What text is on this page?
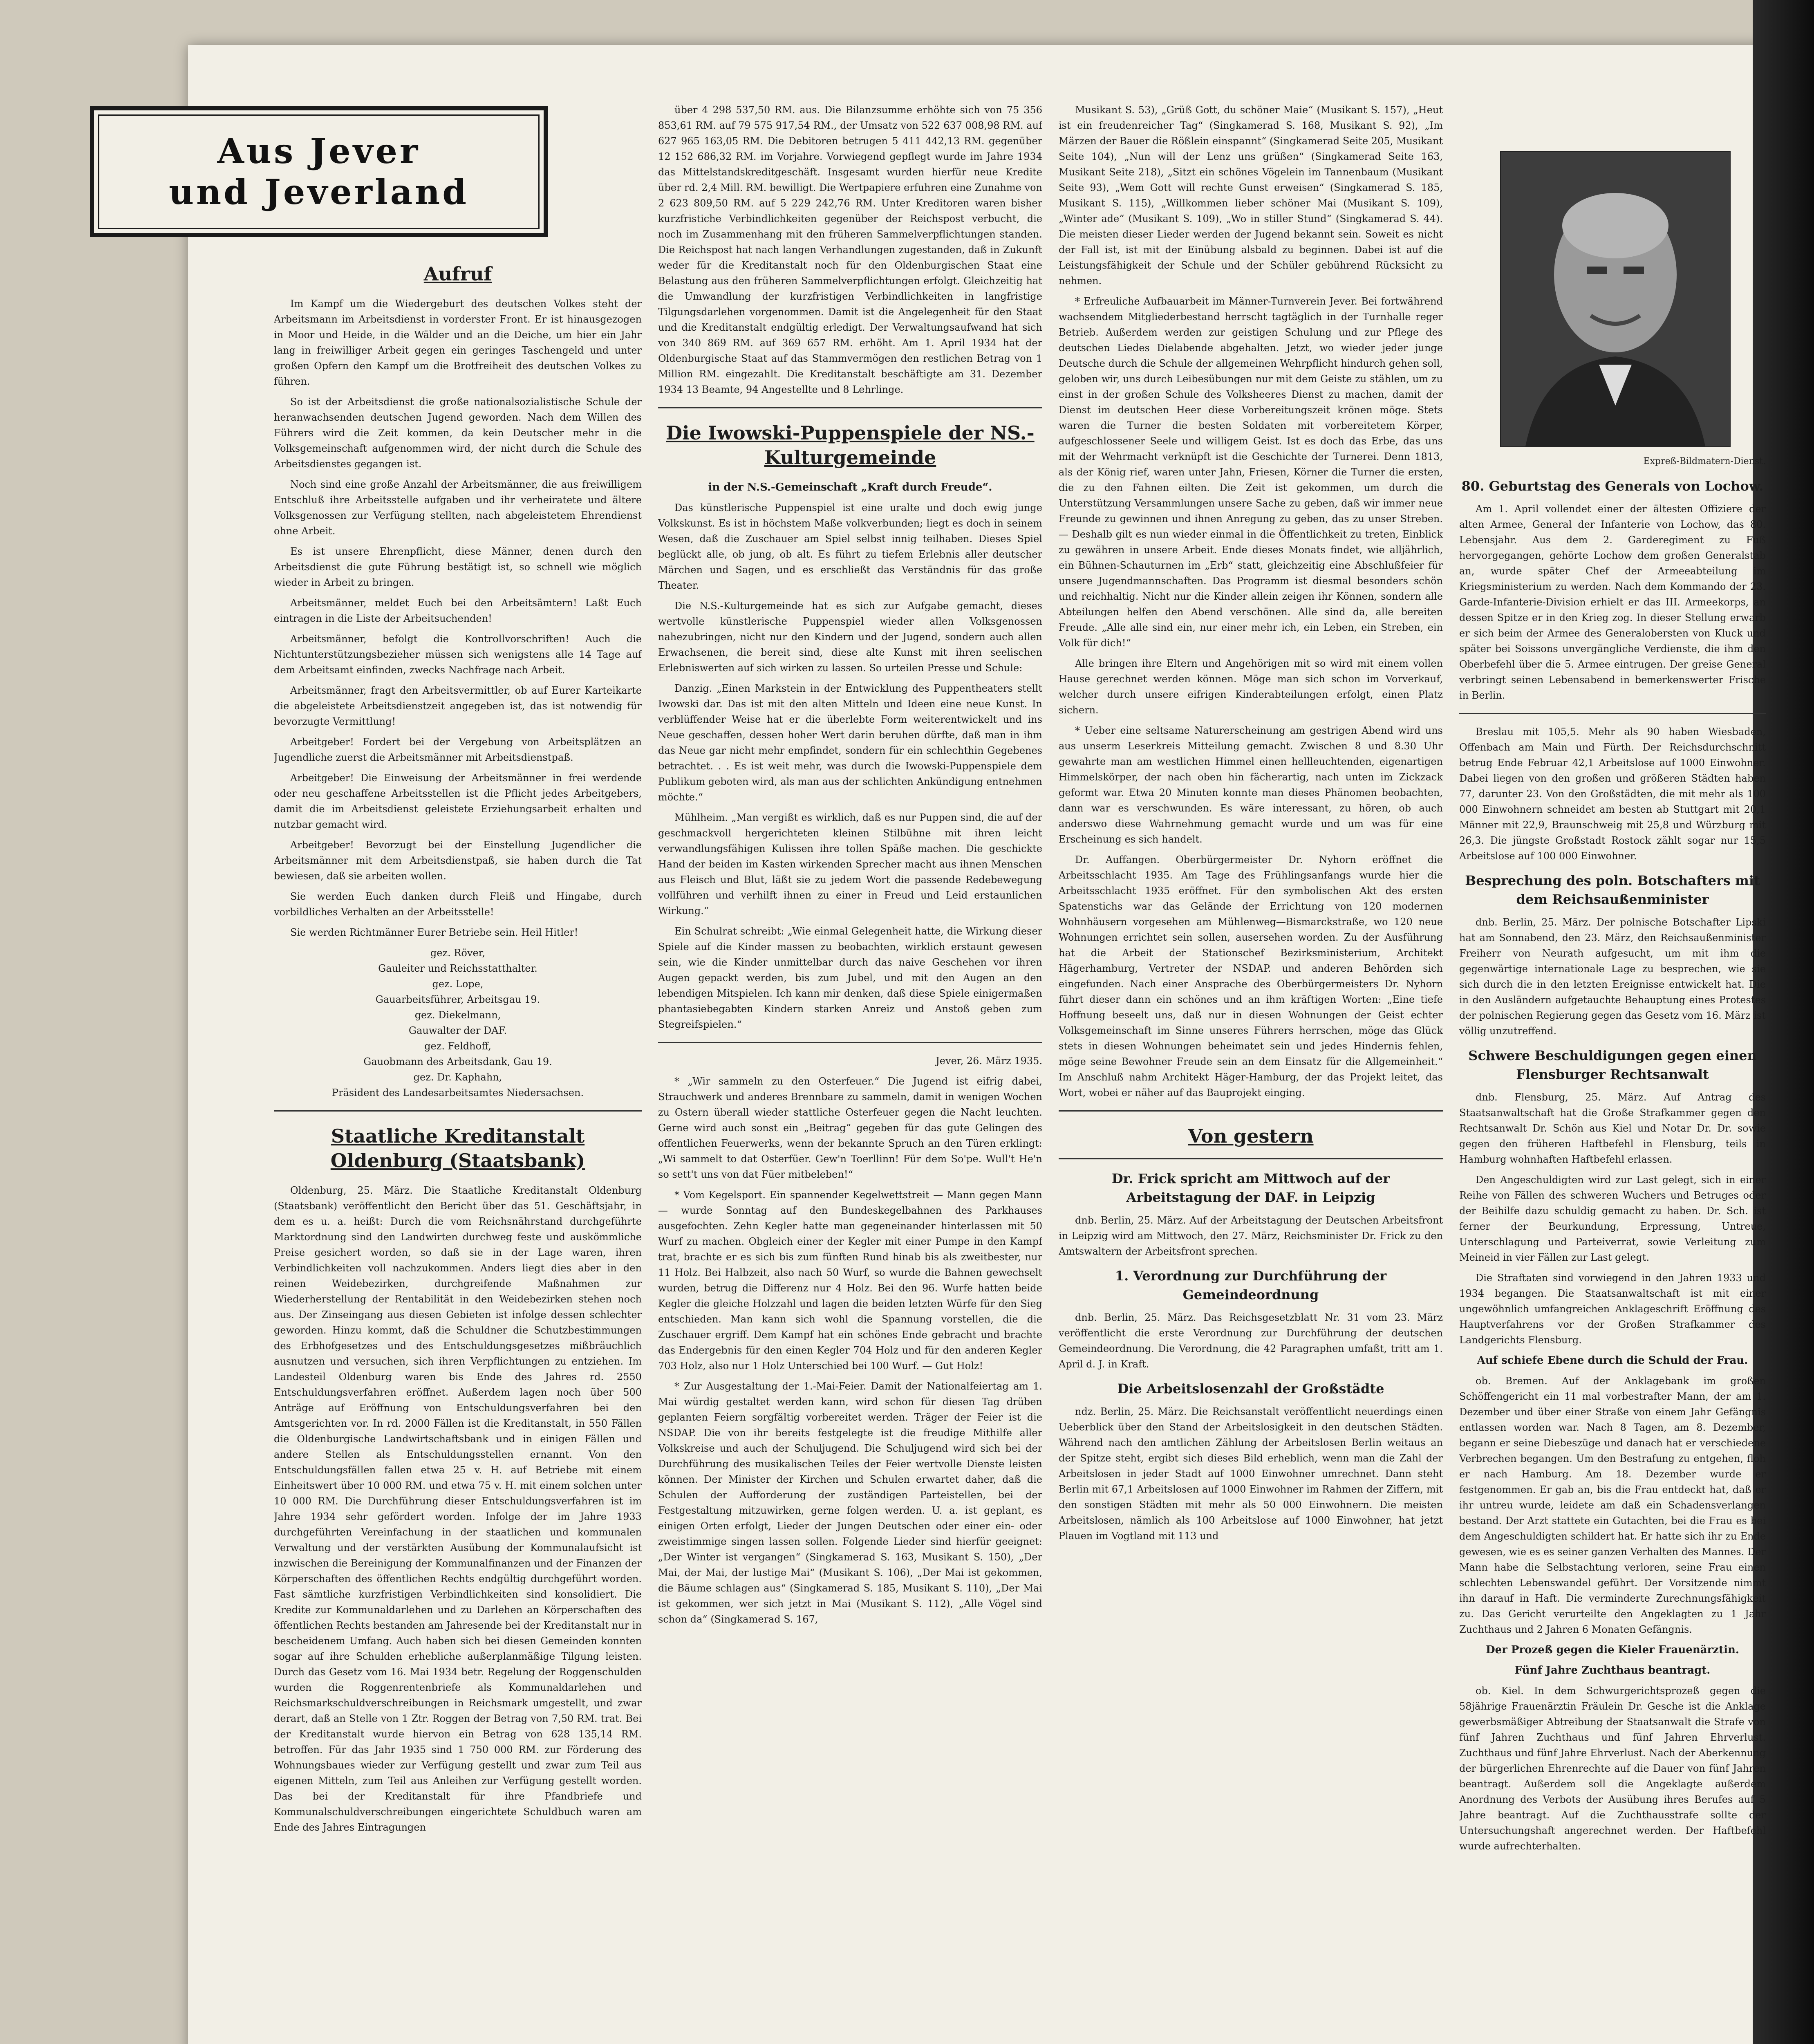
Aus Jever
und Jeverland
Aufruf

Im Kampf um die Wiedergeburt des deutschen Volkes steht der Arbeitsmann im Arbeitsdienst in vorderster Front. Er ist hinausgezogen in Moor und Heide, in die Wälder und an die Deiche, um hier ein Jahr lang in freiwilliger Arbeit gegen ein geringes Taschengeld und unter großen Opfern den Kampf um die Brotfreiheit des deutschen Volkes zu führen.

So ist der Arbeitsdienst die große nationalsozialistische Schule der heranwachsenden deutschen Jugend geworden. Nach dem Willen des Führers wird die Zeit kommen, da kein Deutscher mehr in die Volksgemeinschaft aufgenommen wird, der nicht durch die Schule des Arbeitsdienstes gegangen ist.

Noch sind eine große Anzahl der Arbeitsmänner, die aus freiwilligem Entschluß ihre Arbeitsstelle aufgaben und ihr verheiratete und ältere Volksgenossen zur Verfügung stellten, nach abgeleistetem Ehrendienst ohne Arbeit.

Es ist unsere Ehrenpflicht, diese Männer, denen durch den Arbeitsdienst die gute Führung bestätigt ist, so schnell wie möglich wieder in Arbeit zu bringen.

Arbeitsmänner, meldet Euch bei den Arbeitsämtern! Laßt Euch eintragen in die Liste der Arbeitsuchenden!

Arbeitsmänner, befolgt die Kontrollvorschriften! Auch die Nichtunterstützungsbezieher müssen sich wenigstens alle 14 Tage auf dem Arbeitsamt einfinden, zwecks Nachfrage nach Arbeit.

Arbeitsmänner, fragt den Arbeitsvermittler, ob auf Eurer Karteikarte die abgeleistete Arbeitsdienstzeit angegeben ist, das ist notwendig für bevorzugte Vermittlung!

Arbeitgeber! Fordert bei der Vergebung von Arbeitsplätzen an Jugendliche zuerst die Arbeitsmänner mit Arbeitsdienstpaß.

Arbeitgeber! Die Einweisung der Arbeitsmänner in frei werdende oder neu geschaffene Arbeitsstellen ist die Pflicht jedes Arbeitgebers, damit die im Arbeitsdienst geleistete Erziehungsarbeit erhalten und nutzbar gemacht wird.

Arbeitgeber! Bevorzugt bei der Einstellung Jugendlicher die Arbeitsmänner mit dem Arbeitsdienstpaß, sie haben durch die Tat bewiesen, daß sie arbeiten wollen.

Sie werden Euch danken durch Fleiß und Hingabe, durch vorbildliches Verhalten an der Arbeitsstelle!

Sie werden Richtmänner Eurer Betriebe sein. Heil Hitler!

gez. Röver,

Gauleiter und Reichsstatthalter.

gez. Lope,

Gauarbeitsführer, Arbeitsgau 19.

gez. Diekelmann,

Gauwalter der DAF.

gez. Feldhoff,

Gauobmann des Arbeitsdank, Gau 19.

gez. Dr. Kaphahn,

Präsident des Landesarbeitsamtes Niedersachsen.

Staatliche Kreditanstalt Oldenburg (Staatsbank)

Oldenburg, 25. März. Die Staatliche Kreditanstalt Oldenburg (Staatsbank) veröffentlicht den Bericht über das 51. Geschäftsjahr, in dem es u. a. heißt: Durch die vom Reichsnährstand durchgeführte Marktordnung sind den Landwirten durchweg feste und auskömmliche Preise gesichert worden, so daß sie in der Lage waren, ihren Verbindlichkeiten voll nachzukommen. Anders liegt dies aber in den reinen Weidebezirken, durchgreifende Maßnahmen zur Wiederherstellung der Rentabilität in den Weidebezirken stehen noch aus. Der Zinseingang aus diesen Gebieten ist infolge dessen schlechter geworden. Hinzu kommt, daß die Schuldner die Schutzbestimmungen des Erbhofgesetzes und des Entschuldungsgesetzes mißbräuchlich ausnutzen und versuchen, sich ihren Verpflichtungen zu entziehen. Im Landesteil Oldenburg waren bis Ende des Jahres rd. 2550 Entschuldungsverfahren eröffnet. Außerdem lagen noch über 500 Anträge auf Eröffnung von Entschuldungsverfahren bei den Amtsgerichten vor. In rd. 2000 Fällen ist die Kreditanstalt, in 550 Fällen die Oldenburgische Landwirtschaftsbank und in einigen Fällen und andere Stellen als Entschuldungsstellen ernannt. Von den Entschuldungsfällen fallen etwa 25 v. H. auf Betriebe mit einem Einheitswert über 10 000 RM. und etwa 75 v. H. mit einem solchen unter 10 000 RM. Die Durchführung dieser Entschuldungsverfahren ist im Jahre 1934 sehr gefördert worden. Infolge der im Jahre 1933 durchgeführten Vereinfachung in der staatlichen und kommunalen Verwaltung und der verstärkten Ausübung der Kommunalaufsicht ist inzwischen die Bereinigung der Kommunalfinanzen und der Finanzen der Körperschaften des öffentlichen Rechts endgültig durchgeführt worden. Fast sämtliche kurzfristigen Verbindlichkeiten sind konsolidiert. Die Kredite zur Kommunaldarlehen und zu Darlehen an Körperschaften des öffentlichen Rechts bestanden am Jahresende bei der Kreditanstalt nur in bescheidenem Umfang. Auch haben sich bei diesen Gemeinden konnten sogar auf ihre Schulden erhebliche außerplanmäßige Tilgung leisten. Durch das Gesetz vom 16. Mai 1934 betr. Regelung der Roggenschulden wurden die Roggenrentenbriefe als Kommunaldarlehen und Reichsmarkschuldverschreibungen in Reichsmark umgestellt, und zwar derart, daß an Stelle von 1 Ztr. Roggen der Betrag von 7,50 RM. trat. Bei der Kreditanstalt wurde hiervon ein Betrag von 628 135,14 RM. betroffen. Für das Jahr 1935 sind 1 750 000 RM. zur Förderung des Wohnungsbaues wieder zur Verfügung gestellt und zwar zum Teil aus eigenen Mitteln, zum Teil aus Anleihen zur Verfügung gestellt worden. Das bei der Kreditanstalt für ihre Pfandbriefe und Kommunalschuldverschreibungen eingerichtete Schuldbuch waren am Ende des Jahres Eintragungen

über 4 298 537,50 RM. aus. Die Bilanzsumme erhöhte sich von 75 356 853,61 RM. auf 79 575 917,54 RM., der Umsatz von 522 637 008,98 RM. auf 627 965 163,05 RM. Die Debitoren betrugen 5 411 442,13 RM. gegenüber 12 152 686,32 RM. im Vorjahre. Vorwiegend gepflegt wurde im Jahre 1934 das Mittelstandskreditgeschäft. Insgesamt wurden hierfür neue Kredite über rd. 2,4 Mill. RM. bewilligt. Die Wertpapiere erfuhren eine Zunahme von 2 623 809,50 RM. auf 5 229 242,76 RM. Unter Kreditoren waren bisher kurzfristiche Verbindlichkeiten gegenüber der Reichspost verbucht, die noch im Zusammenhang mit den früheren Sammelverpflichtungen standen. Die Reichspost hat nach langen Verhandlungen zugestanden, daß in Zukunft weder für die Kreditanstalt noch für den Oldenburgischen Staat eine Belastung aus den früheren Sammelverpflichtungen erfolgt. Gleichzeitig hat die Umwandlung der kurzfristigen Verbindlichkeiten in langfristige Tilgungsdarlehen vorgenommen. Damit ist die Angelegenheit für den Staat und die Kreditanstalt endgültig erledigt. Der Verwaltungsaufwand hat sich von 340 869 RM. auf 369 657 RM. erhöht. Am 1. April 1934 hat der Oldenburgische Staat auf das Stammvermögen den restlichen Betrag von 1 Million RM. eingezahlt. Die Kreditanstalt beschäftigte am 31. Dezember 1934 13 Beamte, 94 Angestellte und 8 Lehrlinge.

Die Iwowski-Puppenspiele der NS.-Kulturgemeinde

in der N.S.-Gemeinschaft „Kraft durch Freude“.

Das künstlerische Puppenspiel ist eine uralte und doch ewig junge Volkskunst. Es ist in höchstem Maße volkverbunden; liegt es doch in seinem Wesen, daß die Zuschauer am Spiel selbst innig teilhaben. Dieses Spiel beglückt alle, ob jung, ob alt. Es führt zu tiefem Erlebnis aller deutscher Märchen und Sagen, und es erschließt das Verständnis für das große Theater.

Die N.S.-Kulturgemeinde hat es sich zur Aufgabe gemacht, dieses wertvolle künstlerische Puppenspiel wieder allen Volksgenossen nahezubringen, nicht nur den Kindern und der Jugend, sondern auch allen Erwachsenen, die bereit sind, diese alte Kunst mit ihren seelischen Erlebniswerten auf sich wirken zu lassen. So urteilen Presse und Schule:

Danzig. „Einen Markstein in der Entwicklung des Puppentheaters stellt Iwowski dar. Das ist mit den alten Mitteln und Ideen eine neue Kunst. In verblüffender Weise hat er die überlebte Form weiterentwickelt und ins Neue geschaffen, dessen hoher Wert darin beruhen dürfte, daß man in ihm das Neue gar nicht mehr empfindet, sondern für ein schlechthin Gegebenes betrachtet. . . Es ist weit mehr, was durch die Iwowski-Puppenspiele dem Publikum geboten wird, als man aus der schlichten Ankündigung entnehmen möchte.“

Mühlheim. „Man vergißt es wirklich, daß es nur Puppen sind, die auf der geschmackvoll hergerichteten kleinen Stilbühne mit ihren leicht verwandlungsfähigen Kulissen ihre tollen Späße machen. Die geschickte Hand der beiden im Kasten wirkenden Sprecher macht aus ihnen Menschen aus Fleisch und Blut, läßt sie zu jedem Wort die passende Redebewegung vollführen und verhilft ihnen zu einer in Freud und Leid erstaunlichen Wirkung.“

Ein Schulrat schreibt: „Wie einmal Gelegenheit hatte, die Wirkung dieser Spiele auf die Kinder massen zu beobachten, wirklich erstaunt gewesen sein, wie die Kinder unmittelbar durch das naive Geschehen vor ihren Augen gepackt werden, bis zum Jubel, und mit den Augen an den lebendigen Mitspielen. Ich kann mir denken, daß diese Spiele einigermaßen phantasiebegabten Kindern starken Anreiz und Anstoß geben zum Stegreifspielen.“

Jever, 26. März 1935.

* „Wir sammeln zu den Osterfeuer.“ Die Jugend ist eifrig dabei, Strauchwerk und anderes Brennbare zu sammeln, damit in wenigen Wochen zu Ostern überall wieder stattliche Osterfeuer gegen die Nacht leuchten. Gerne wird auch sonst ein „Beitrag“ gegeben für das gute Gelingen des offentlichen Feuerwerks, wenn der bekannte Spruch an den Türen erklingt: „Wi sammelt to dat Osterfüer. Gew'n Toerllinn! Für dem So'pe. Wull't He'n so sett't uns von dat Füer mitbeleben!“

* Vom Kegelsport. Ein spannender Kegelwettstreit — Mann gegen Mann — wurde Sonntag auf den Bundeskegelbahnen des Parkhauses ausgefochten. Zehn Kegler hatte man gegeneinander hinterlassen mit 50 Wurf zu machen. Obgleich einer der Kegler mit einer Pumpe in den Kampf trat, brachte er es sich bis zum fünften Rund hinab bis als zweitbester, nur 11 Holz. Bei Halbzeit, also nach 50 Wurf, so wurde die Bahnen gewechselt wurden, betrug die Differenz nur 4 Holz. Bei den 96. Wurfe hatten beide Kegler die gleiche Holzzahl und lagen die beiden letzten Würfe für den Sieg entschieden. Man kann sich wohl die Spannung vorstellen, die die Zuschauer ergriff. Dem Kampf hat ein schönes Ende gebracht und brachte das Endergebnis für den einen Kegler 704 Holz und für den anderen Kegler 703 Holz, also nur 1 Holz Unterschied bei 100 Wurf. — Gut Holz!

* Zur Ausgestaltung der 1.-Mai-Feier. Damit der Nationalfeiertag am 1. Mai würdig gestaltet werden kann, wird schon für diesen Tag drüben geplanten Feiern sorgfältig vorbereitet werden. Träger der Feier ist die NSDAP. Die von ihr bereits festgelegte ist die freudige Mithilfe aller Volkskreise und auch der Schuljugend. Die Schuljugend wird sich bei der Durchführung des musikalischen Teiles der Feier wertvolle Dienste leisten können. Der Minister der Kirchen und Schulen erwartet daher, daß die Schulen der Aufforderung der zuständigen Parteistellen, bei der Festgestaltung mitzuwirken, gerne folgen werden. U. a. ist geplant, es einigen Orten erfolgt, Lieder der Jungen Deutschen oder einer ein- oder zweistimmige singen lassen sollen. Folgende Lieder sind hierfür geeignet: „Der Winter ist vergangen“ (Singkamerad S. 163, Musikant S. 150), „Der Mai, der Mai, der lustige Mai“ (Musikant S. 106), „Der Mai ist gekommen, die Bäume schlagen aus“ (Singkamerad S. 185, Musikant S. 110), „Der Mai ist gekommen, wer sich jetzt in Mai (Musikant S. 112), „Alle Vögel sind schon da“ (Singkamerad S. 167,

Musikant S. 53), „Grüß Gott, du schöner Maie“ (Musikant S. 157), „Heut ist ein freudenreicher Tag“ (Singkamerad S. 168, Musikant S. 92), „Im Märzen der Bauer die Rößlein einspannt“ (Singkamerad Seite 205, Musikant Seite 104), „Nun will der Lenz uns grüßen“ (Singkamerad Seite 163, Musikant Seite 218), „Sitzt ein schönes Vögelein im Tannenbaum (Musikant Seite 93), „Wem Gott will rechte Gunst erweisen“ (Singkamerad S. 185, Musikant S. 115), „Willkommen lieber schöner Mai (Musikant S. 109), „Winter ade“ (Musikant S. 109), „Wo in stiller Stund“ (Singkamerad S. 44). Die meisten dieser Lieder werden der Jugend bekannt sein. Soweit es nicht der Fall ist, ist mit der Einübung alsbald zu beginnen. Dabei ist auf die Leistungsfähigkeit der Schule und der Schüler gebührend Rücksicht zu nehmen.

* Erfreuliche Aufbauarbeit im Männer-Turnverein Jever. Bei fortwährend wachsendem Mitgliederbestand herrscht tagtäglich in der Turnhalle reger Betrieb. Außerdem werden zur geistigen Schulung und zur Pflege des deutschen Liedes Dielabende abgehalten. Jetzt, wo wieder jeder junge Deutsche durch die Schule der allgemeinen Wehrpflicht hindurch gehen soll, geloben wir, uns durch Leibesübungen nur mit dem Geiste zu stählen, um zu einst in der großen Schule des Volksheeres Dienst zu machen, damit der Dienst im deutschen Heer diese Vorbereitungszeit krönen möge. Stets waren die Turner die besten Soldaten mit vorbereitetem Körper, aufgeschlossener Seele und willigem Geist. Ist es doch das Erbe, das uns mit der Wehrmacht verknüpft ist die Geschichte der Turnerei. Denn 1813, als der König rief, waren unter Jahn, Friesen, Körner die Turner die ersten, die zu den Fahnen eilten. Die Zeit ist gekommen, um durch die Unterstützung Versammlungen unsere Sache zu geben, daß wir immer neue Freunde zu gewinnen und ihnen Anregung zu geben, das zu unser Streben. — Deshalb gilt es nun wieder einmal in die Öffentlichkeit zu treten, Einblick zu gewähren in unsere Arbeit. Ende dieses Monats findet, wie alljährlich, ein Bühnen-Schauturnen im „Erb“ statt, gleichzeitig eine Abschlußfeier für unsere Jugendmannschaften. Das Programm ist diesmal besonders schön und reichhaltig. Nicht nur die Kinder allein zeigen ihr Können, sondern alle Abteilungen helfen den Abend verschönen. Alle sind da, alle bereiten Freude. „Alle alle sind ein, nur einer mehr ich, ein Leben, ein Streben, ein Volk für dich!“

Alle bringen ihre Eltern und Angehörigen mit so wird mit einem vollen Hause gerechnet werden können. Möge man sich schon im Vorverkauf, welcher durch unsere eifrigen Kinderabteilungen erfolgt, einen Platz sichern.

* Ueber eine seltsame Naturerscheinung am gestrigen Abend wird uns aus unserm Leserkreis Mitteilung gemacht. Zwischen 8 und 8.30 Uhr gewahrte man am westlichen Himmel einen hellleuchtenden, eigenartigen Himmelskörper, der nach oben hin fächerartig, nach unten im Zickzack geformt war. Etwa 20 Minuten konnte man dieses Phänomen beobachten, dann war es verschwunden. Es wäre interessant, zu hören, ob auch anderswo diese Wahrnehmung gemacht wurde und um was für eine Erscheinung es sich handelt.

Dr. Auffangen. Oberbürgermeister Dr. Nyhorn eröffnet die Arbeitsschlacht 1935. Am Tage des Frühlingsanfangs wurde hier die Arbeitsschlacht 1935 eröffnet. Für den symbolischen Akt des ersten Spatenstichs war das Gelände der Errichtung von 120 modernen Wohnhäusern vorgesehen am Mühlenweg—Bismarckstraße, wo 120 neue Wohnungen errichtet sein sollen, ausersehen worden. Zu der Ausführung hat die Arbeit der Stationschef Bezirksministerium, Architekt Hägerhamburg, Vertreter der NSDAP. und anderen Behörden sich eingefunden. Nach einer Ansprache des Oberbürgermeisters Dr. Nyhorn führt dieser dann ein schönes und an ihm kräftigen Worten: „Eine tiefe Hoffnung beseelt uns, daß nur in diesen Wohnungen der Geist echter Volksgemeinschaft im Sinne unseres Führers herrschen, möge das Glück stets in diesen Wohnungen beheimatet sein und jedes Hindernis fehlen, möge seine Bewohner Freude sein an dem Einsatz für die Allgemeinheit.“ Im Anschluß nahm Architekt Häger-Hamburg, der das Projekt leitet, das Wort, wobei er näher auf das Bauprojekt einging.

Von gestern
Dr. Frick spricht am Mittwoch auf der Arbeitstagung der DAF. in Leipzig

dnb. Berlin, 25. März. Auf der Arbeitstagung der Deutschen Arbeitsfront in Leipzig wird am Mittwoch, den 27. März, Reichsminister Dr. Frick zu den Amtswaltern der Arbeitsfront sprechen.

1. Verordnung zur Durchführung der Gemeindeordnung

dnb. Berlin, 25. März. Das Reichsgesetzblatt Nr. 31 vom 23. März veröffentlicht die erste Verordnung zur Durchführung der deutschen Gemeindeordnung. Die Verordnung, die 42 Paragraphen umfaßt, tritt am 1. April d. J. in Kraft.

Die Arbeitslosenzahl der Großstädte

ndz. Berlin, 25. März. Die Reichsanstalt veröffentlicht neuerdings einen Ueberblick über den Stand der Arbeitslosigkeit in den deutschen Städten. Während nach den amtlichen Zählung der Arbeitslosen Berlin weitaus an der Spitze steht, ergibt sich dieses Bild erheblich, wenn man die Zahl der Arbeitslosen in jeder Stadt auf 1000 Einwohner umrechnet. Dann steht Berlin mit 67,1 Arbeitslosen auf 1000 Einwohner im Rahmen der Ziffern, mit den sonstigen Städten mit mehr als 50 000 Einwohnern. Die meisten Arbeitslosen, nämlich als 100 Arbeitslose auf 1000 Einwohner, hat jetzt Plauen im Vogtland mit 113 und

Expreß-Bildmatern-Dienst.

80. Geburtstag des Generals von Lochow.

Am 1. April vollendet einer der ältesten Offiziere der alten Armee, General der Infanterie von Lochow, das 80. Lebensjahr. Aus dem 2. Garderegiment zu Fuß hervorgegangen, gehörte Lochow dem großen Generalstab an, wurde später Chef der Armeeabteilung im Kriegsministerium zu werden. Nach dem Kommando der 23. Garde-Infanterie-Division erhielt er das III. Armeekorps, an dessen Spitze er in den Krieg zog. In dieser Stellung erwarb er sich beim der Armee des Generalobersten von Kluck und später bei Soissons unvergängliche Verdienste, die ihm den Oberbefehl über die 5. Armee eintrugen. Der greise General verbringt seinen Lebensabend in bemerkenswerter Frische in Berlin.

Breslau mit 105,5. Mehr als 90 haben Wiesbaden, Offenbach am Main und Fürth. Der Reichsdurchschnitt betrug Ende Februar 42,1 Arbeitslose auf 1000 Einwohner. Dabei liegen von den großen und größeren Städten haben 77, darunter 23. Von den Großstädten, die mit mehr als 100 000 Einwohnern schneidet am besten ab Stuttgart mit 20,1 Männer mit 22,9, Braunschweig mit 25,8 und Würzburg mit 26,3. Die jüngste Großstadt Rostock zählt sogar nur 15,5 Arbeitslose auf 100 000 Einwohner.

Besprechung des poln. Botschafters mit dem Reichsaußenminister

dnb. Berlin, 25. März. Der polnische Botschafter Lipski hat am Sonnabend, den 23. März, den Reichsaußenminister Freiherr von Neurath aufgesucht, um mit ihm die gegenwärtige internationale Lage zu besprechen, wie sie sich durch die in den letzten Ereignisse entwickelt hat. Die in den Ausländern aufgetauchte Behauptung eines Protestes der polnischen Regierung gegen das Gesetz vom 16. März ist völlig unzutreffend.

Schwere Beschuldigungen gegen einen Flensburger Rechtsanwalt

dnb. Flensburg, 25. März. Auf Antrag des Staatsanwaltschaft hat die Große Strafkammer gegen den Rechtsanwalt Dr. Schön aus Kiel und Notar Dr. Dr. sowie gegen den früheren Haftbefehl in Flensburg, teils in Hamburg wohnhaften Haftbefehl erlassen.

Den Angeschuldigten wird zur Last gelegt, sich in einer Reihe von Fällen des schweren Wuchers und Betruges oder der Beihilfe dazu schuldig gemacht zu haben. Dr. Sch. ist ferner der Beurkundung, Erpressung, Untreue, Unterschlagung und Parteiverrat, sowie Verleitung zum Meineid in vier Fällen zur Last gelegt.

Die Straftaten sind vorwiegend in den Jahren 1933 und 1934 begangen. Die Staatsanwaltschaft ist mit einer ungewöhnlich umfangreichen Anklageschrift Eröffnung des Hauptverfahrens vor der Großen Strafkammer des Landgerichts Flensburg.

Auf schiefe Ebene durch die Schuld der Frau.

ob. Bremen. Auf der Anklagebank im großen Schöffengericht ein 11 mal vorbestrafter Mann, der am 1. Dezember und über einer Straße von einem Jahr Gefängnis entlassen worden war. Nach 8 Tagen, am 8. Dezember, begann er seine Diebeszüge und danach hat er verschiedene Verbrechen begangen. Um den Bestrafung zu entgehen, floh er nach Hamburg. Am 18. Dezember wurde er festgenommen. Er gab an, bis die Frau entdeckt hat, daß er ihr untreu wurde, leidete am daß ein Schadensverlangen bestand. Der Arzt stattete ein Gutachten, bei die Frau es bei dem Angeschuldigten schildert hat. Er hatte sich ihr zu Ende gewesen, wie es es seiner ganzen Verhalten des Mannes. Der Mann habe die Selbstachtung verloren, seine Frau einen schlechten Lebenswandel geführt. Der Vorsitzende nimmt ihn darauf in Haft. Die verminderte Zurechnungsfähigkeit zu. Das Gericht verurteilte den Angeklagten zu 1 Jahr Zuchthaus und 2 Jahren 6 Monaten Gefängnis.

Der Prozeß gegen die Kieler Frauenärztin.

Fünf Jahre Zuchthaus beantragt.

ob. Kiel. In dem Schwurgerichtsprozeß gegen die 58jährige Frauenärztin Fräulein Dr. Gesche ist die Anklage gewerbsmäßiger Abtreibung der Staatsanwalt die Strafe von fünf Jahren Zuchthaus und fünf Jahren Ehrverlust. Zuchthaus und fünf Jahre Ehrverlust. Nach der Aberkennung der bürgerlichen Ehrenrechte auf die Dauer von fünf Jahren beantragt. Außerdem soll die Angeklagte außerdem Anordnung des Verbots der Ausübung ihres Berufes auf 5 Jahre beantragt. Auf die Zuchthausstrafe sollte der Untersuchungshaft angerechnet werden. Der Haftbefehl wurde aufrechterhalten.
